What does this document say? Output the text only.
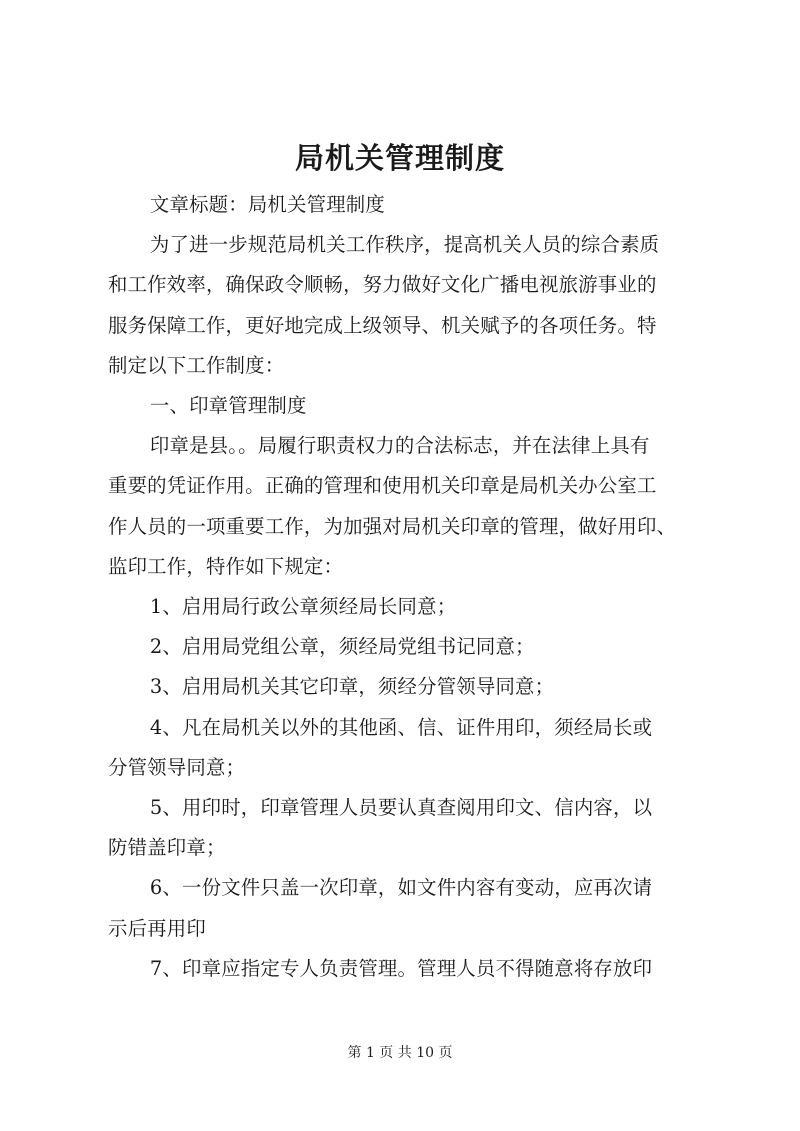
局机关管理制度

文章标题：局机关管理制度

为了进一步规范局机关工作秩序，提高机关人员的综合素质
和工作效率，确保政令顺畅，努力做好文化广播电视旅游事业的
服务保障工作，更好地完成上级领导、机关赋予的各项任务。特
制定以下工作制度：

一、印章管理制度

印章是县。。局履行职责权力的合法标志，并在法律上具有
重要的凭证作用。正确的管理和使用机关印章是局机关办公室工
作人员的一项重要工作，为加强对局机关印章的管理，做好用印、
监印工作，特作如下规定：

1、启用局行政公章须经局长同意；

2、启用局党组公章，须经局党组书记同意；

3、启用局机关其它印章，须经分管领导同意；

4、凡在局机关以外的其他函、信、证件用印，须经局长或
分管领导同意；

5、用印时，印章管理人员要认真查阅用印文、信内容，以
防错盖印章；

6、一份文件只盖一次印章，如文件内容有变动，应再次请
示后再用印

7、印章应指定专人负责管理。管理人员不得随意将存放印

第 1 页 共 10 页
